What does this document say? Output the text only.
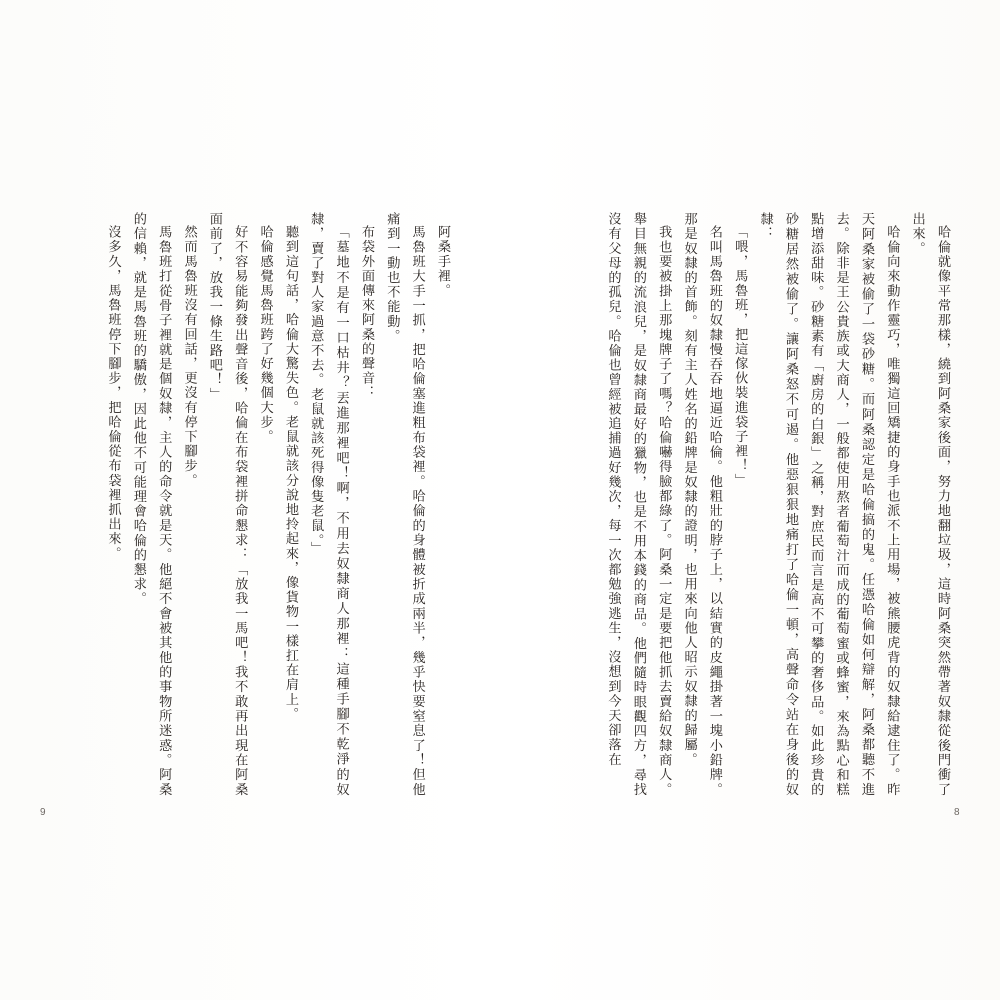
哈倫就像平常那樣，繞到阿桑家後面，努力地翻垃圾，這時阿桑突然帶著奴隸從後門衝了出來。

哈倫向來動作靈巧，唯獨這回矯捷的身手也派不上用場，被熊腰虎背的奴隸給逮住了。昨天阿桑家被偷了一袋砂糖。而阿桑認定是哈倫搞的鬼。任憑哈倫如何辯解，阿桑都聽不進去。除非是王公貴族或大商人，一般都使用熬者葡萄汁而成的葡萄蜜或蜂蜜，來為點心和糕點增添甜味。砂糖素有「廚房的白銀」之稱，對庶民而言是高不可攀的奢侈品。如此珍貴的砂糖居然被偷了。讓阿桑怒不可遏。他惡狠狠地痛打了哈倫一頓，高聲命令站在身後的奴隸：

「喂，馬魯班，把這傢伙裝進袋子裡！」

名叫馬魯班的奴隸慢吞吞地逼近哈倫。他粗壯的脖子上，以結實的皮繩掛著一塊小鉛牌。那是奴隸的首飾。刻有主人姓名的鉛牌是奴隸的證明，也用來向他人昭示奴隸的歸屬。

我也要被掛上那塊牌子了嗎？哈倫嚇得臉都綠了。阿桑一定是要把他抓去賣給奴隸商人。舉目無親的流浪兒，是奴隸商最好的獵物，也是不用本錢的商品。他們隨時眼觀四方，尋找沒有父母的孤兒。哈倫也曾經被追捕過好幾次，每一次都勉強逃生，沒想到今天卻落在

8

阿桑手裡。

馬魯班大手一抓，把哈倫塞進粗布袋裡。哈倫的身體被折成兩半，幾乎快要窒息了！但他痛到一動也不能動。

布袋外面傳來阿桑的聲音：

「墓地不是有一口枯井？丟進那裡吧！啊，不用去奴隸商人那裡：這種手腳不乾淨的奴隸，賣了對人家過意不去。老鼠就該死得像隻老鼠。」

聽到這句話，哈倫大驚失色。老鼠就該分說地拎起來，像貨物一樣扛在肩上。

哈倫感覺馬魯班跨了好幾個大步。

好不容易能夠發出聲音後，哈倫在布袋裡拼命懇求：「放我一馬吧！我不敢再出現在阿桑面前了，放我一條生路吧！」

然而馬魯班沒有回話，更沒有停下腳步。

馬魯班打從骨子裡就是個奴隸，主人的命令就是天。他絕不會被其他的事物所迷惑。阿桑的信賴，就是馬魯班的驕傲，因此他不可能理會哈倫的懇求。

沒多久，馬魯班停下腳步，把哈倫從布袋裡抓出來。

9
